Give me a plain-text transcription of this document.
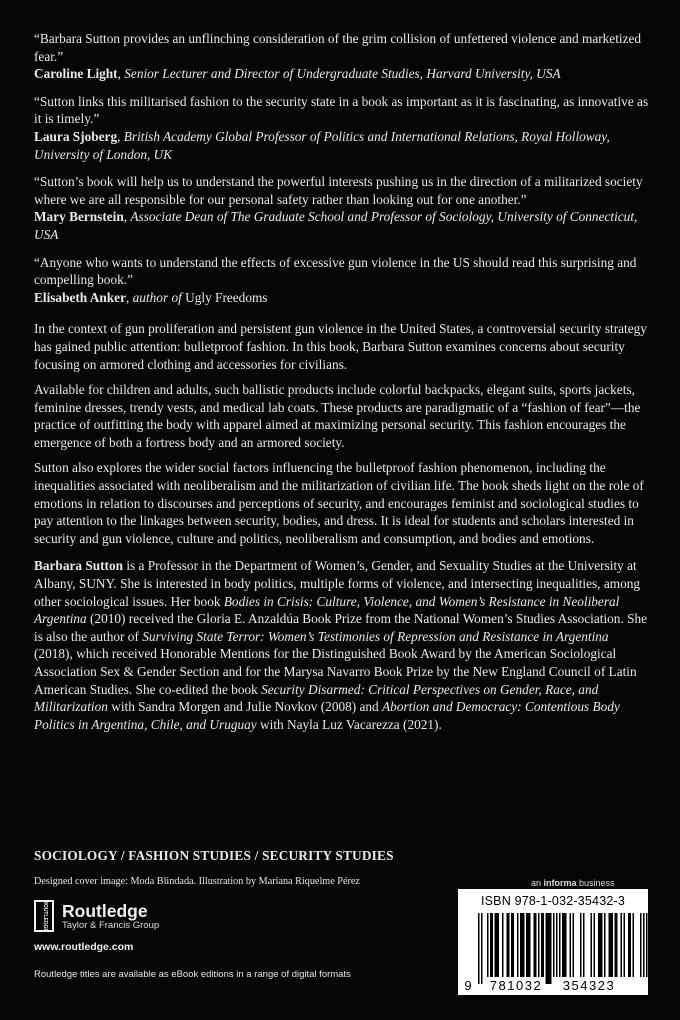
“Barbara Sutton provides an unflinching consideration of the grim collision of unfettered violence and marketized fear.”

Caroline Light, Senior Lecturer and Director of Undergraduate Studies, Harvard University, USA

“Sutton links this militarised fashion to the security state in a book as important as it is fascinating, as innovative as it is timely.”

Laura Sjoberg, British Academy Global Professor of Politics and International Relations, Royal Holloway, University of London, UK

“Sutton’s book will help us to understand the powerful interests pushing us in the direction of a militarized society where we are all responsible for our personal safety rather than looking out for one another.”

Mary Bernstein, Associate Dean of The Graduate School and Professor of Sociology, University of Connecticut, USA

“Anyone who wants to understand the effects of excessive gun violence in the US should read this surprising and compelling book.”

Elisabeth Anker, author of Ugly Freedoms

In the context of gun proliferation and persistent gun violence in the United States, a controversial security strategy has gained public attention: bulletproof fashion. In this book, Barbara Sutton examines concerns about security focusing on armored clothing and accessories for civilians.

Available for children and adults, such ballistic products include colorful backpacks, elegant suits, sports jackets, feminine dresses, trendy vests, and medical lab coats. These products are paradigmatic of a “fashion of fear”—the practice of outfitting the body with apparel aimed at maximizing personal security. This fashion encourages the emergence of both a fortress body and an armored society.

Sutton also explores the wider social factors influencing the bulletproof fashion phenomenon, including the inequalities associated with neoliberalism and the militarization of civilian life. The book sheds light on the role of emotions in relation to discourses and perceptions of security, and encourages feminist and sociological studies to pay attention to the linkages between security, bodies, and dress. It is ideal for students and scholars interested in security and gun violence, culture and politics, neoliberalism and consumption, and bodies and emotions.

Barbara Sutton is a Professor in the Department of Women’s, Gender, and Sexuality Studies at the University at Albany, SUNY. She is interested in body politics, multiple forms of violence, and intersecting inequalities, among other sociological issues. Her book Bodies in Crisis: Culture, Violence, and Women’s Resistance in Neoliberal Argentina (2010) received the Gloria E. Anzaldúa Book Prize from the National Women’s Studies Association. She is also the author of Surviving State Terror: Women’s Testimonies of Repression and Resistance in Argentina (2018), which received Honorable Mentions for the Distinguished Book Award by the American Sociological Association Sex & Gender Section and for the Marysa Navarro Book Prize by the New England Council of Latin American Studies. She co-edited the book Security Disarmed: Critical Perspectives on Gender, Race, and Militarization with Sandra Morgen and Julie Novkov (2008) and Abortion and Democracy: Contentious Body Politics in Argentina, Chile, and Uruguay with Nayla Luz Vacarezza (2021).

SOCIOLOGY / FASHION STUDIES / SECURITY STUDIES
Designed cover image: Moda Blindada. Illustration by Mariana Riquelme Pérez	an informa business
ROUTLEDGE Routledge
Taylor & Francis Group
www.routledge.com
Routledge titles are available as eBook editions in a range of digital formats
ISBN 978-1-032-35432-3
9 781032 354323
